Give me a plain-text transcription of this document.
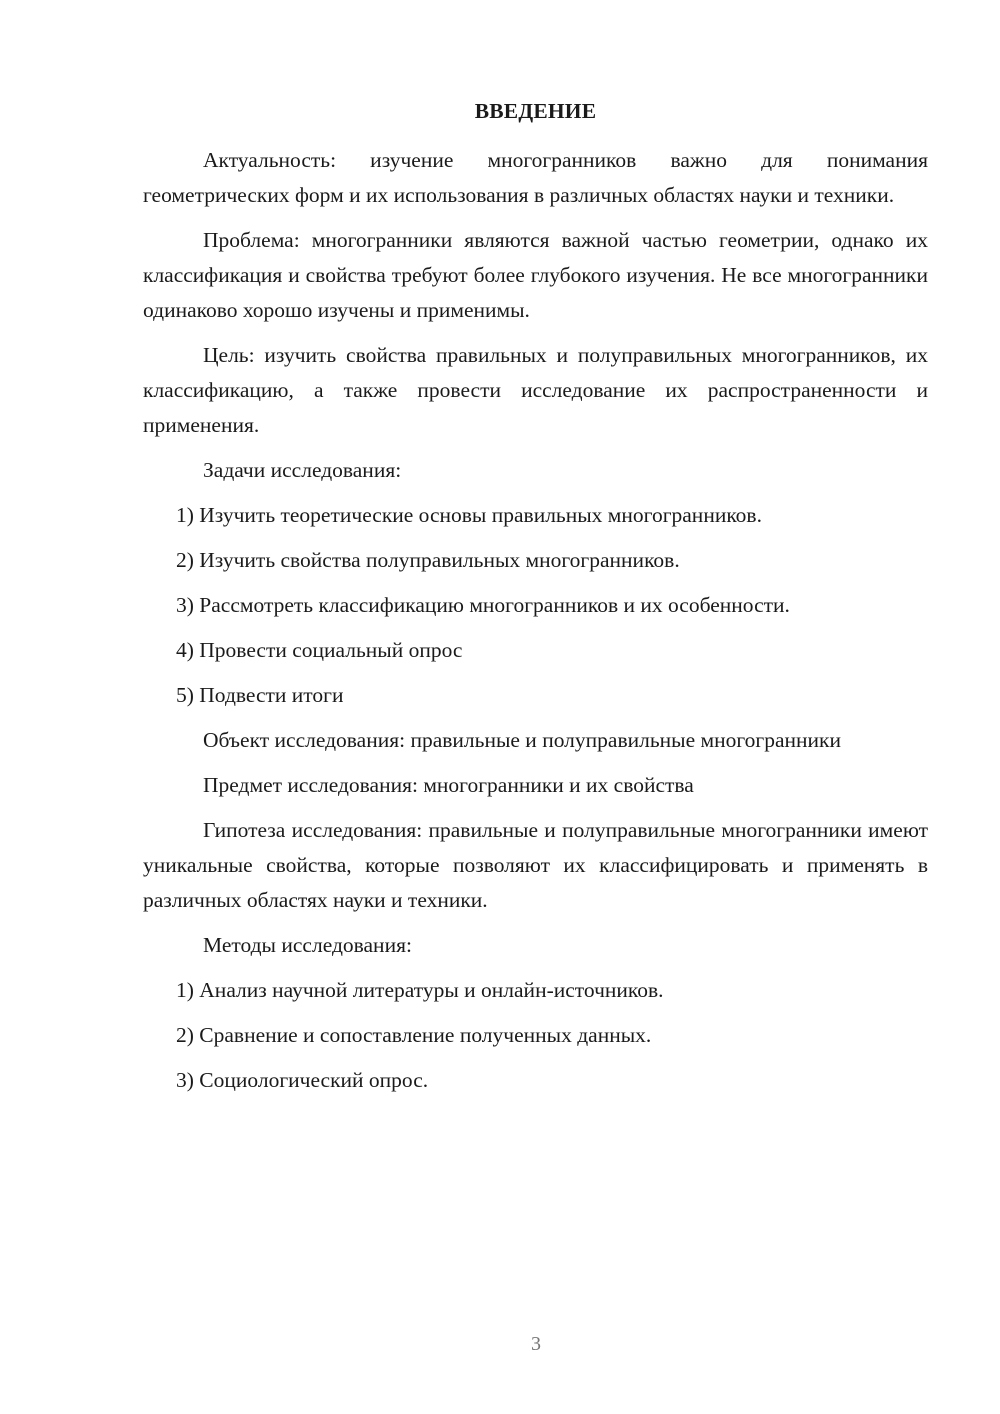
ВВЕДЕНИЕ

Актуальность: изучение многогранников важно для понимания геометрических форм и их использования в различных областях науки и техники.

Проблема: многогранники являются важной частью геометрии, однако их классификация и свойства требуют более глубокого изучения. Не все многогранники одинаково хорошо изучены и применимы.

Цель: изучить свойства правильных и полуправильных многогранников, их классификацию, а также провести исследование их распространенности и применения.

Задачи исследования:

1) Изучить теоретические основы правильных многогранников.

2) Изучить свойства полуправильных многогранников.

3) Рассмотреть классификацию многогранников и их особенности.

4) Провести социальный опрос

5) Подвести итоги

Объект исследования: правильные и полуправильные многогранники

Предмет исследования: многогранники и их свойства

Гипотеза исследования: правильные и полуправильные многогранники имеют уникальные свойства, которые позволяют их классифицировать и применять в различных областях науки и техники.

Методы исследования:

1) Анализ научной литературы и онлайн-источников.

2) Сравнение и сопоставление полученных данных.

3) Социологический опрос.

3
